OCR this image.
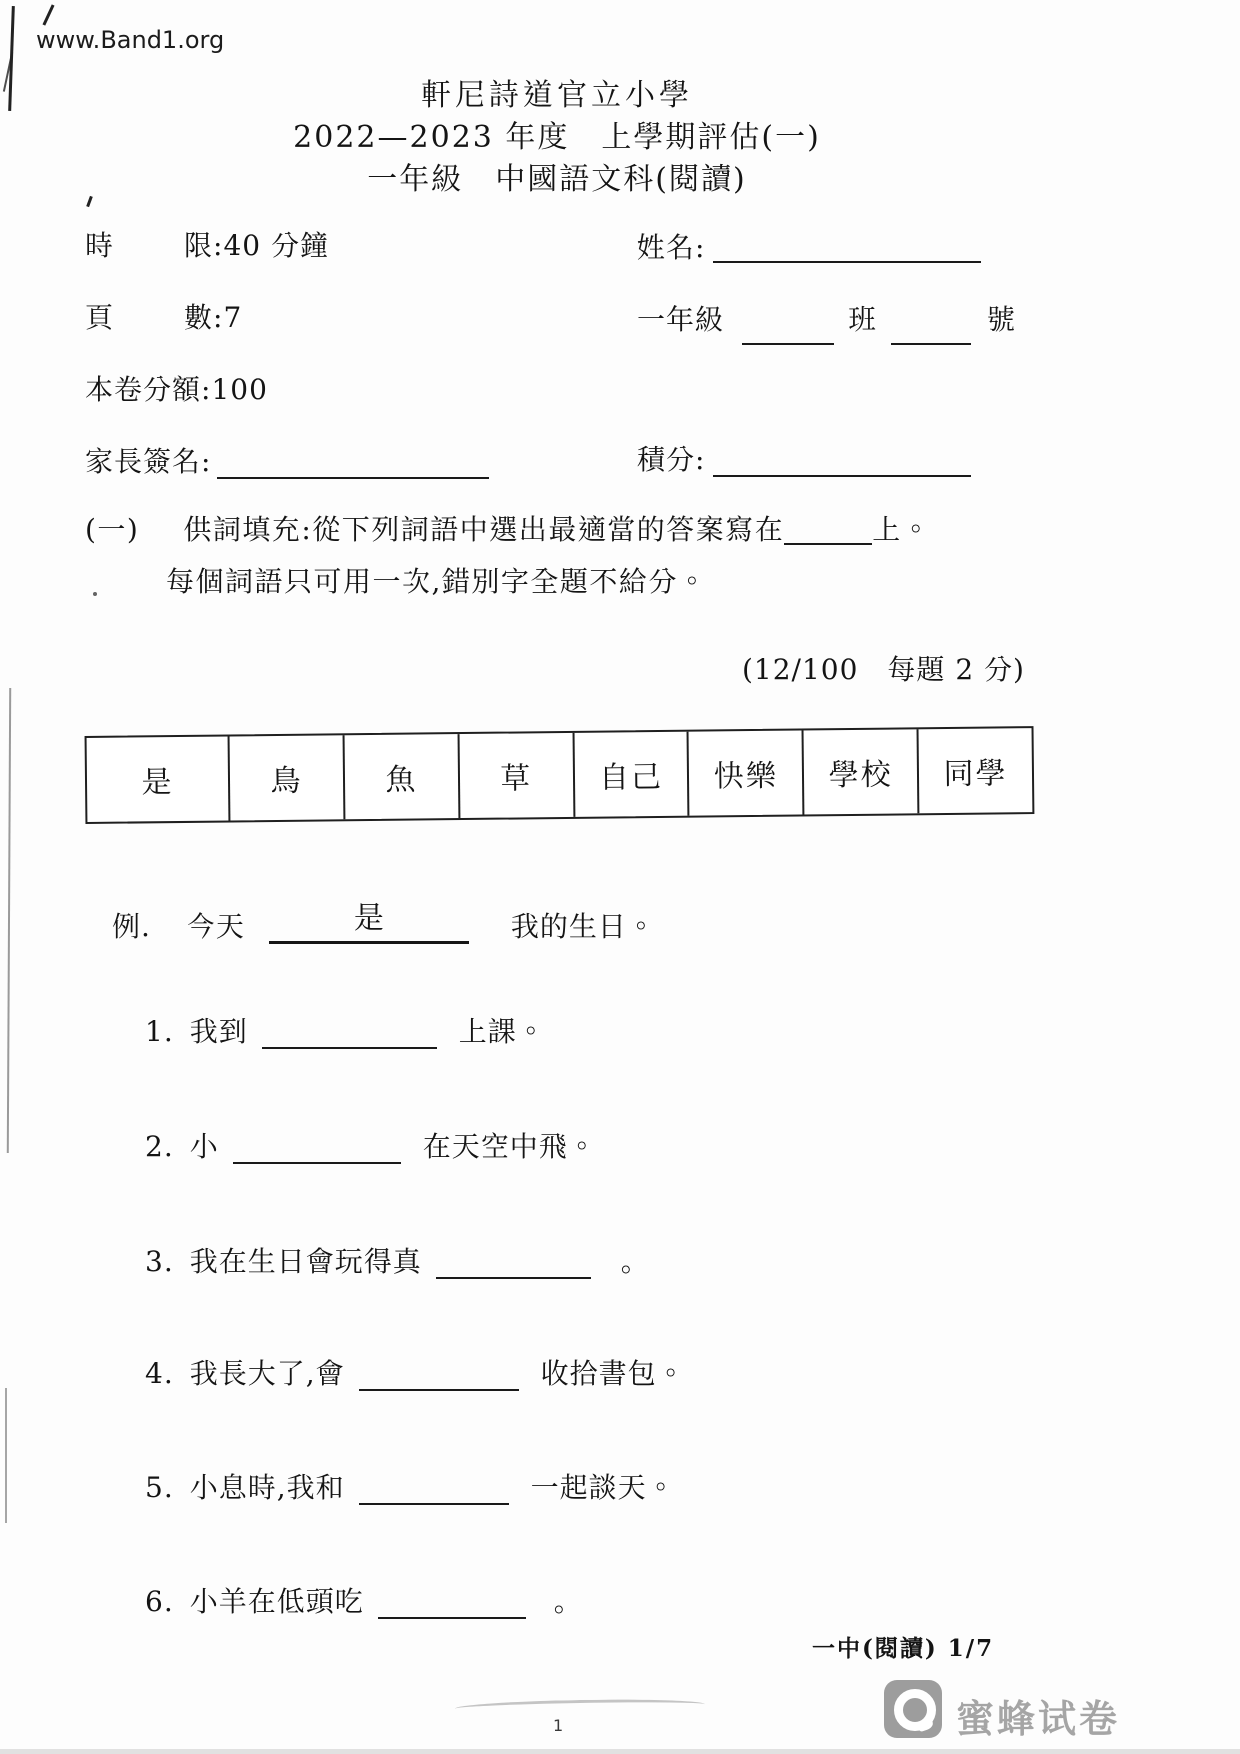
www.Band1.org
軒尼詩道官立小學
2022—2023 年度　上學期評估(一)
一年級　中國語文科(閱讀)
時	限: 40 分鐘	姓名:
頁	數: 7	一年級	班	號
本卷分額: 100
家長簽名:	積分:
(一) 供詞填充:從下列詞語中選出最適當的答案寫在	上。
每個詞語只可用一次,錯別字全題不給分。
(12/100　每題 2 分)
是	鳥	魚	草	自己	快樂	學校	同學
例. 今天	是	我的生日。
1. 我到	上課。
2. 小	在天空中飛。
3. 我在生日會玩得真	。
4. 我長大了,會	收拾書包。
5. 小息時,我和	一起談天。
6. 小羊在低頭吃	。
一中(閱讀) 1/7
蜜蜂试卷
1
